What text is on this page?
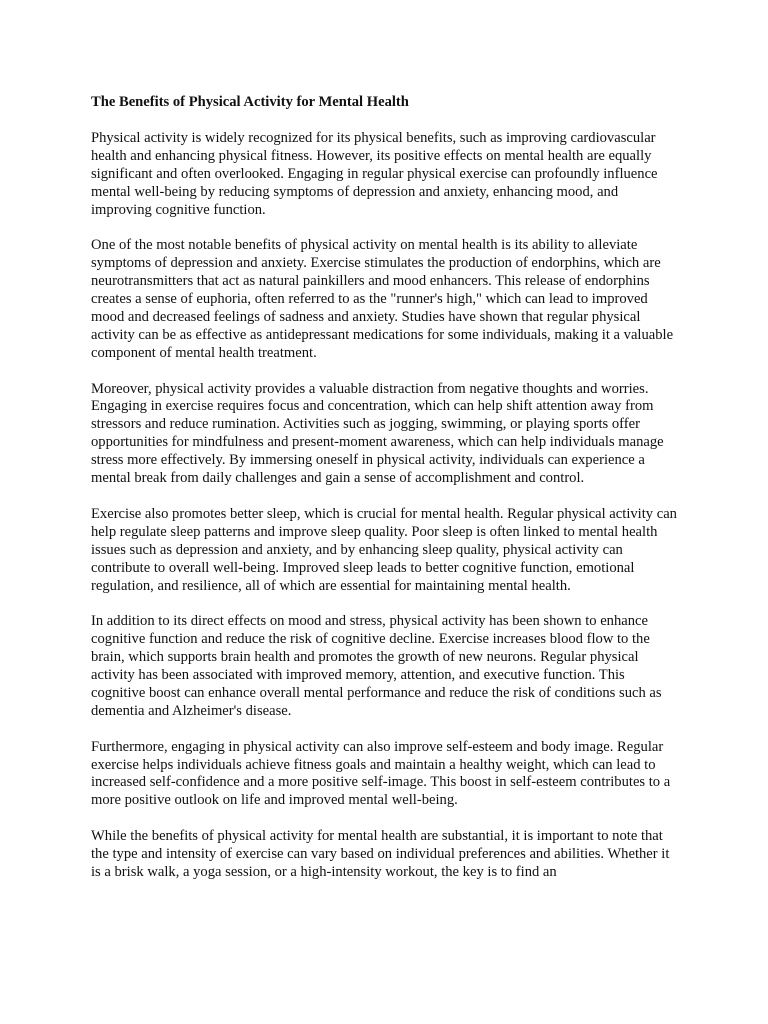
The Benefits of Physical Activity for Mental Health

Physical activity is widely recognized for its physical benefits, such as improving cardiovascular health and enhancing physical fitness. However, its positive effects on mental health are equally significant and often overlooked. Engaging in regular physical exercise can profoundly influence mental well-being by reducing symptoms of depression and anxiety, enhancing mood, and improving cognitive function.

One of the most notable benefits of physical activity on mental health is its ability to alleviate symptoms of depression and anxiety. Exercise stimulates the production of endorphins, which are neurotransmitters that act as natural painkillers and mood enhancers. This release of endorphins creates a sense of euphoria, often referred to as the "runner's high," which can lead to improved mood and decreased feelings of sadness and anxiety. Studies have shown that regular physical activity can be as effective as antidepressant medications for some individuals, making it a valuable component of mental health treatment.

Moreover, physical activity provides a valuable distraction from negative thoughts and worries. Engaging in exercise requires focus and concentration, which can help shift attention away from stressors and reduce rumination. Activities such as jogging, swimming, or playing sports offer opportunities for mindfulness and present-moment awareness, which can help individuals manage stress more effectively. By immersing oneself in physical activity, individuals can experience a mental break from daily challenges and gain a sense of accomplishment and control.

Exercise also promotes better sleep, which is crucial for mental health. Regular physical activity can help regulate sleep patterns and improve sleep quality. Poor sleep is often linked to mental health issues such as depression and anxiety, and by enhancing sleep quality, physical activity can contribute to overall well-being. Improved sleep leads to better cognitive function, emotional regulation, and resilience, all of which are essential for maintaining mental health.

In addition to its direct effects on mood and stress, physical activity has been shown to enhance cognitive function and reduce the risk of cognitive decline. Exercise increases blood flow to the brain, which supports brain health and promotes the growth of new neurons. Regular physical activity has been associated with improved memory, attention, and executive function. This cognitive boost can enhance overall mental performance and reduce the risk of conditions such as dementia and Alzheimer's disease.

Furthermore, engaging in physical activity can also improve self-esteem and body image. Regular exercise helps individuals achieve fitness goals and maintain a healthy weight, which can lead to increased self-confidence and a more positive self-image. This boost in self-esteem contributes to a more positive outlook on life and improved mental well-being.

While the benefits of physical activity for mental health are substantial, it is important to note that the type and intensity of exercise can vary based on individual preferences and abilities. Whether it is a brisk walk, a yoga session, or a high-intensity workout, the key is to find an
